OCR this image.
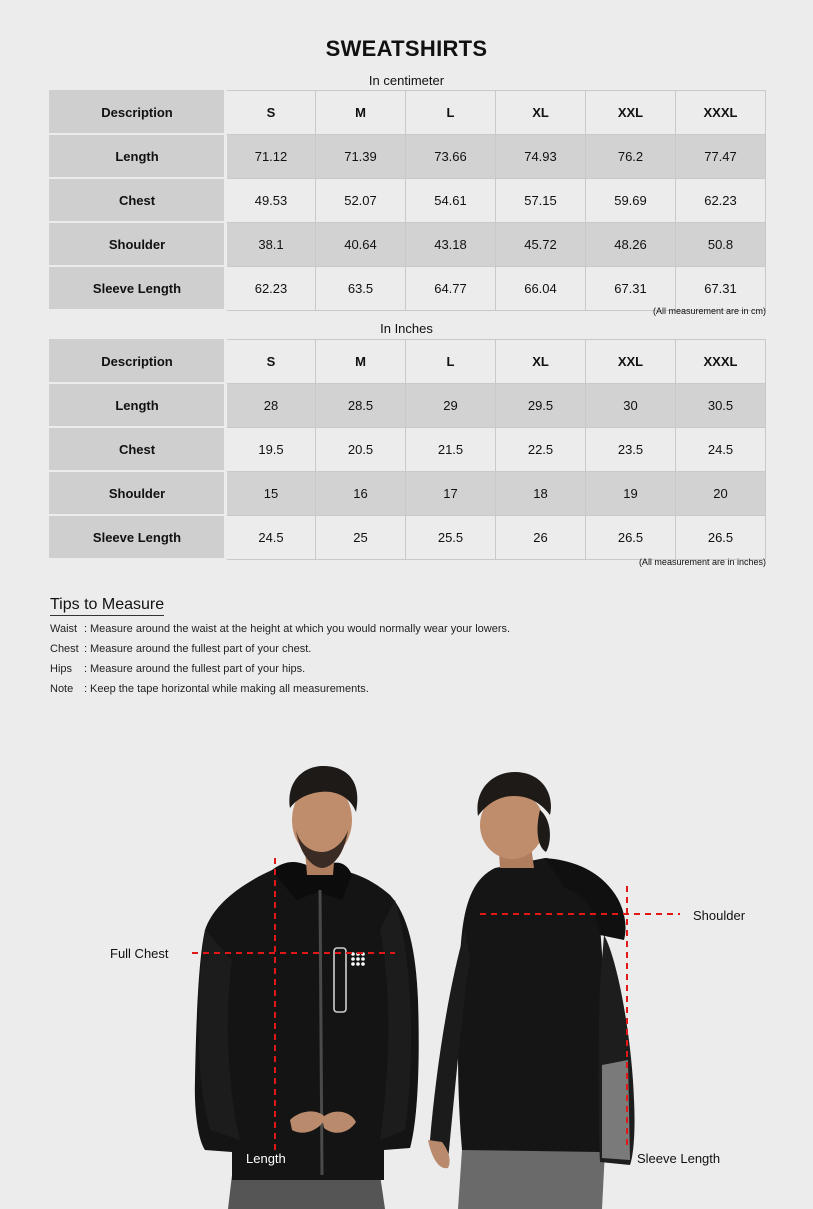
SWEATSHIRTS
In centimeter
Description	S	M	L	XL	XXL	XXXL
Length	71.12	71.39	73.66	74.93	76.2	77.47
Chest	49.53	52.07	54.61	57.15	59.69	62.23
Shoulder	38.1	40.64	43.18	45.72	48.26	50.8
Sleeve Length	62.23	63.5	64.77	66.04	67.31	67.31
(All measurement are in cm)
In Inches
Description	S	M	L	XL	XXL	XXXL
Length	28	28.5	29	29.5	30	30.5
Chest	19.5	20.5	21.5	22.5	23.5	24.5
Shoulder	15	16	17	18	19	20
Sleeve Length	24.5	25	25.5	26	26.5	26.5
(All measurement are in inches)
Tips to Measure
Waist : Measure around the waist at the height at which you would normally wear your lowers.
Chest : Measure around the fullest part of your chest.
Hips : Measure around the fullest part of your hips.
Note : Keep the tape horizontal while making all measurements.
Full Chest
Length
Shoulder
Sleeve Length
